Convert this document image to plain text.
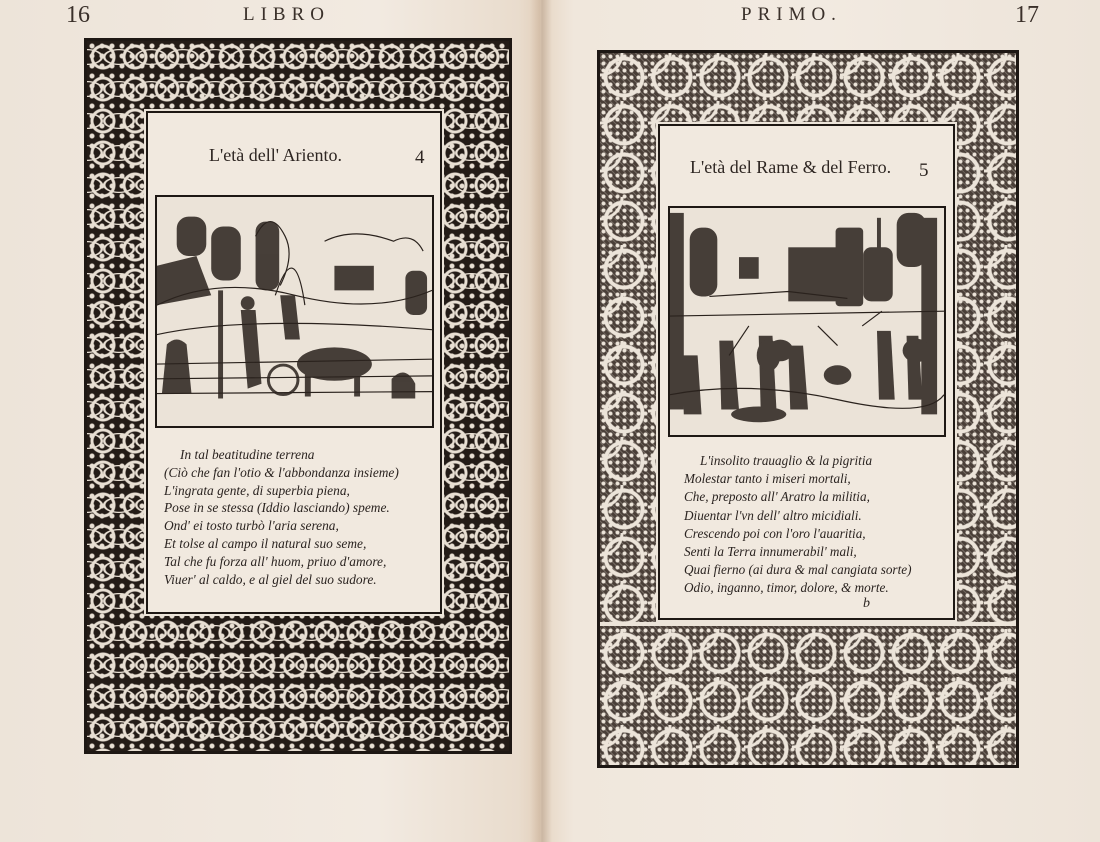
16	LIBRO	PRIMO.	17
L'età dell' Ariento.	4
In tal beatitudine terrena
(Ciò che fan l'otio & l'abbondanza insieme)
L'ingrata gente, di superbia piena,
Pose in se stessa (Iddio lasciando) speme.
Ond' ei tosto turbò l'aria serena,
Et tolse al campo il natural suo seme,
Tal che fu forza all' huom, priuo d'amore,
Viuer' al caldo, e al giel del suo sudore.
L'età del Rame & del Ferro. 5
L'insolito trauaglio & la pigritia
Molestar tanto i miseri mortali,
Che, preposto all' Aratro la militia,
Diuentar l'vn dell' altro micidiali.
Crescendo poi con l'oro l'auaritia,
Senti la Terra innumerabil' mali,
Quai fierno (ai dura & mal cangiata sorte)
Odio, inganno, timor, dolore, & morte.
b
